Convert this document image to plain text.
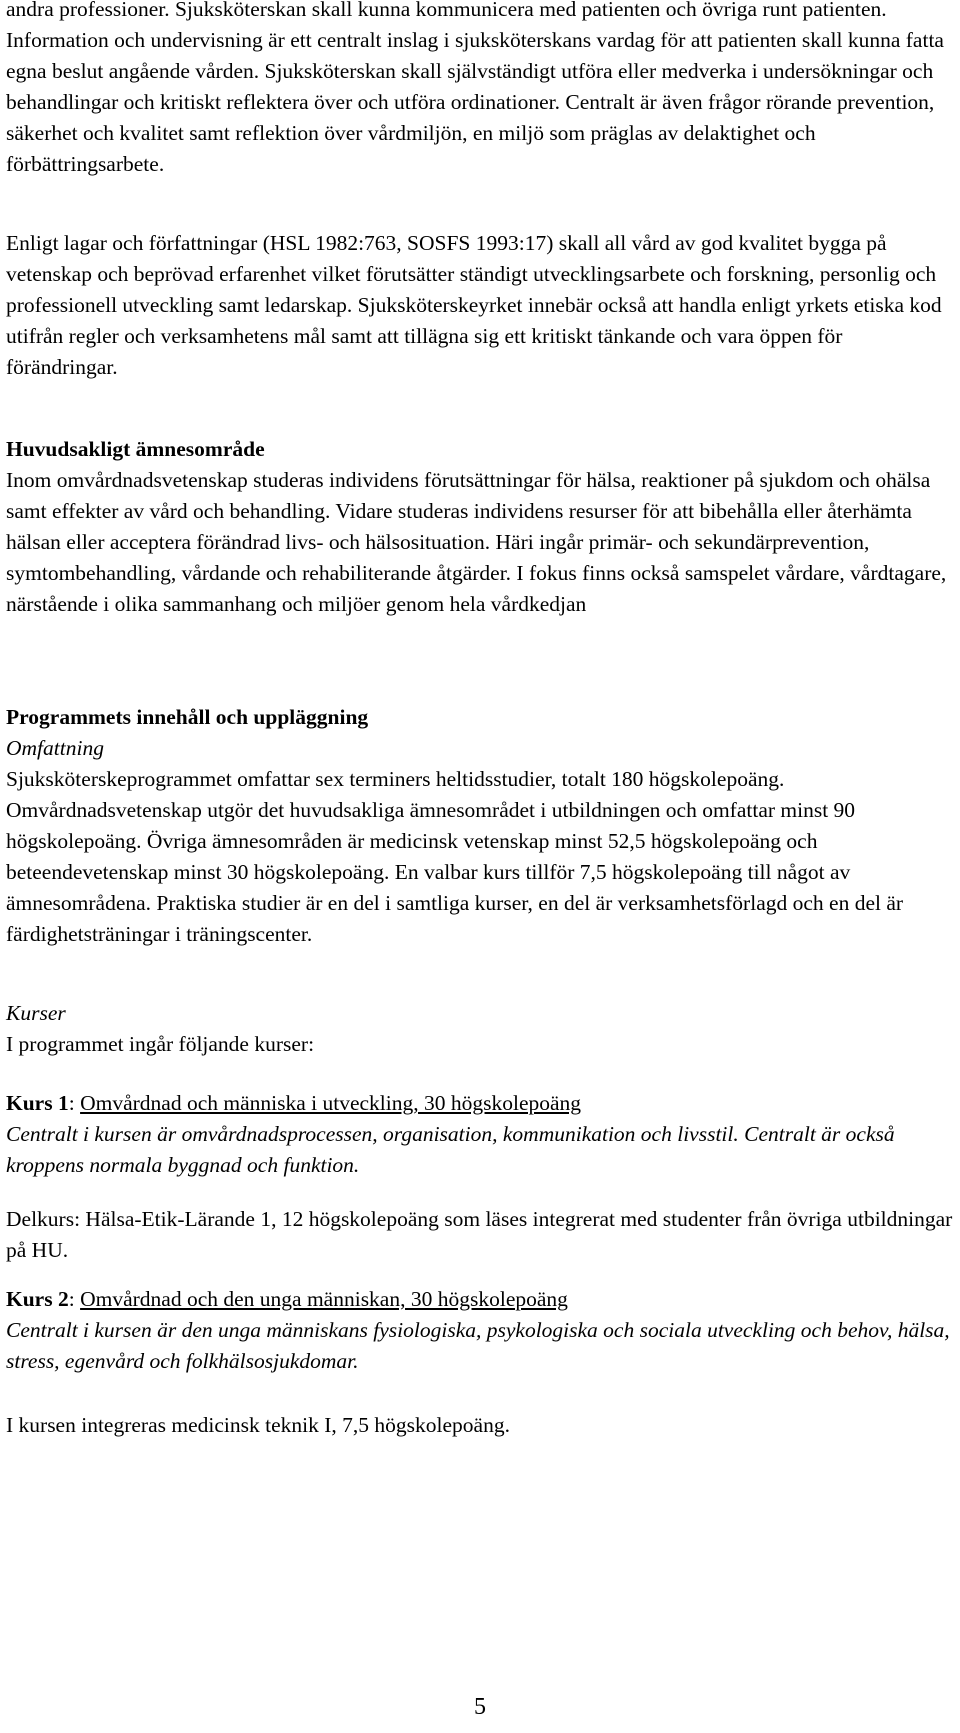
andra professioner. Sjuksköterskan skall kunna kommunicera med patienten och övriga runt patienten. Information och undervisning är ett centralt inslag i sjuksköterskans vardag för att patienten skall kunna fatta egna beslut angående vården. Sjuksköterskan skall självständigt utföra eller medverka i undersökningar och behandlingar och kritiskt reflektera över och utföra ordinationer. Centralt är även frågor rörande prevention, säkerhet och kvalitet samt reflektion över vårdmiljön, en miljö som präglas av delaktighet och förbättringsarbete.

Enligt lagar och författningar (HSL 1982:763, SOSFS 1993:17) skall all vård av god kvalitet bygga på vetenskap och beprövad erfarenhet vilket förutsätter ständigt utvecklingsarbete och forskning, personlig och professionell utveckling samt ledarskap. Sjuksköterskeyrket innebär också att handla enligt yrkets etiska kod utifrån regler och verksamhetens mål samt att tillägna sig ett kritiskt tänkande och vara öppen för förändringar.

Huvudsakligt ämnesområde

Inom omvårdnadsvetenskap studeras individens förutsättningar för hälsa, reaktioner på sjukdom och ohälsa samt effekter av vård och behandling. Vidare studeras individens resurser för att bibehålla eller återhämta hälsan eller acceptera förändrad livs- och hälsosituation. Häri ingår primär- och sekundärprevention, symtombehandling, vårdande och rehabiliterande åtgärder. I fokus finns också samspelet vårdare, vårdtagare, närstående i olika sammanhang och miljöer genom hela vårdkedjan

Programmets innehåll och uppläggning

Omfattning

Sjuksköterskeprogrammet omfattar sex terminers heltidsstudier, totalt 180 högskolepoäng. Omvårdnadsvetenskap utgör det huvudsakliga ämnesområdet i utbildningen och omfattar minst 90 högskolepoäng. Övriga ämnesområden är medicinsk vetenskap minst 52,5 högskolepoäng och beteendevetenskap minst 30 högskolepoäng. En valbar kurs tillför 7,5 högskolepoäng till något av ämnesområdena. Praktiska studier är en del i samtliga kurser, en del är verksamhetsförlagd och en del är färdighetsträningar i träningscenter.

Kurser

I programmet ingår följande kurser:

Kurs 1: Omvårdnad och människa i utveckling, 30 högskolepoäng

Centralt i kursen är omvårdnadsprocessen, organisation, kommunikation och livsstil. Centralt är också kroppens normala byggnad och funktion.

Delkurs: Hälsa-Etik-Lärande 1, 12 högskolepoäng som läses integrerat med studenter från övriga utbildningar på HU.

Kurs 2: Omvårdnad och den unga människan, 30 högskolepoäng

Centralt i kursen är den unga människans fysiologiska, psykologiska och sociala utveckling och behov, hälsa, stress, egenvård och folkhälsosjukdomar.

I kursen integreras medicinsk teknik I, 7,5 högskolepoäng.

5
